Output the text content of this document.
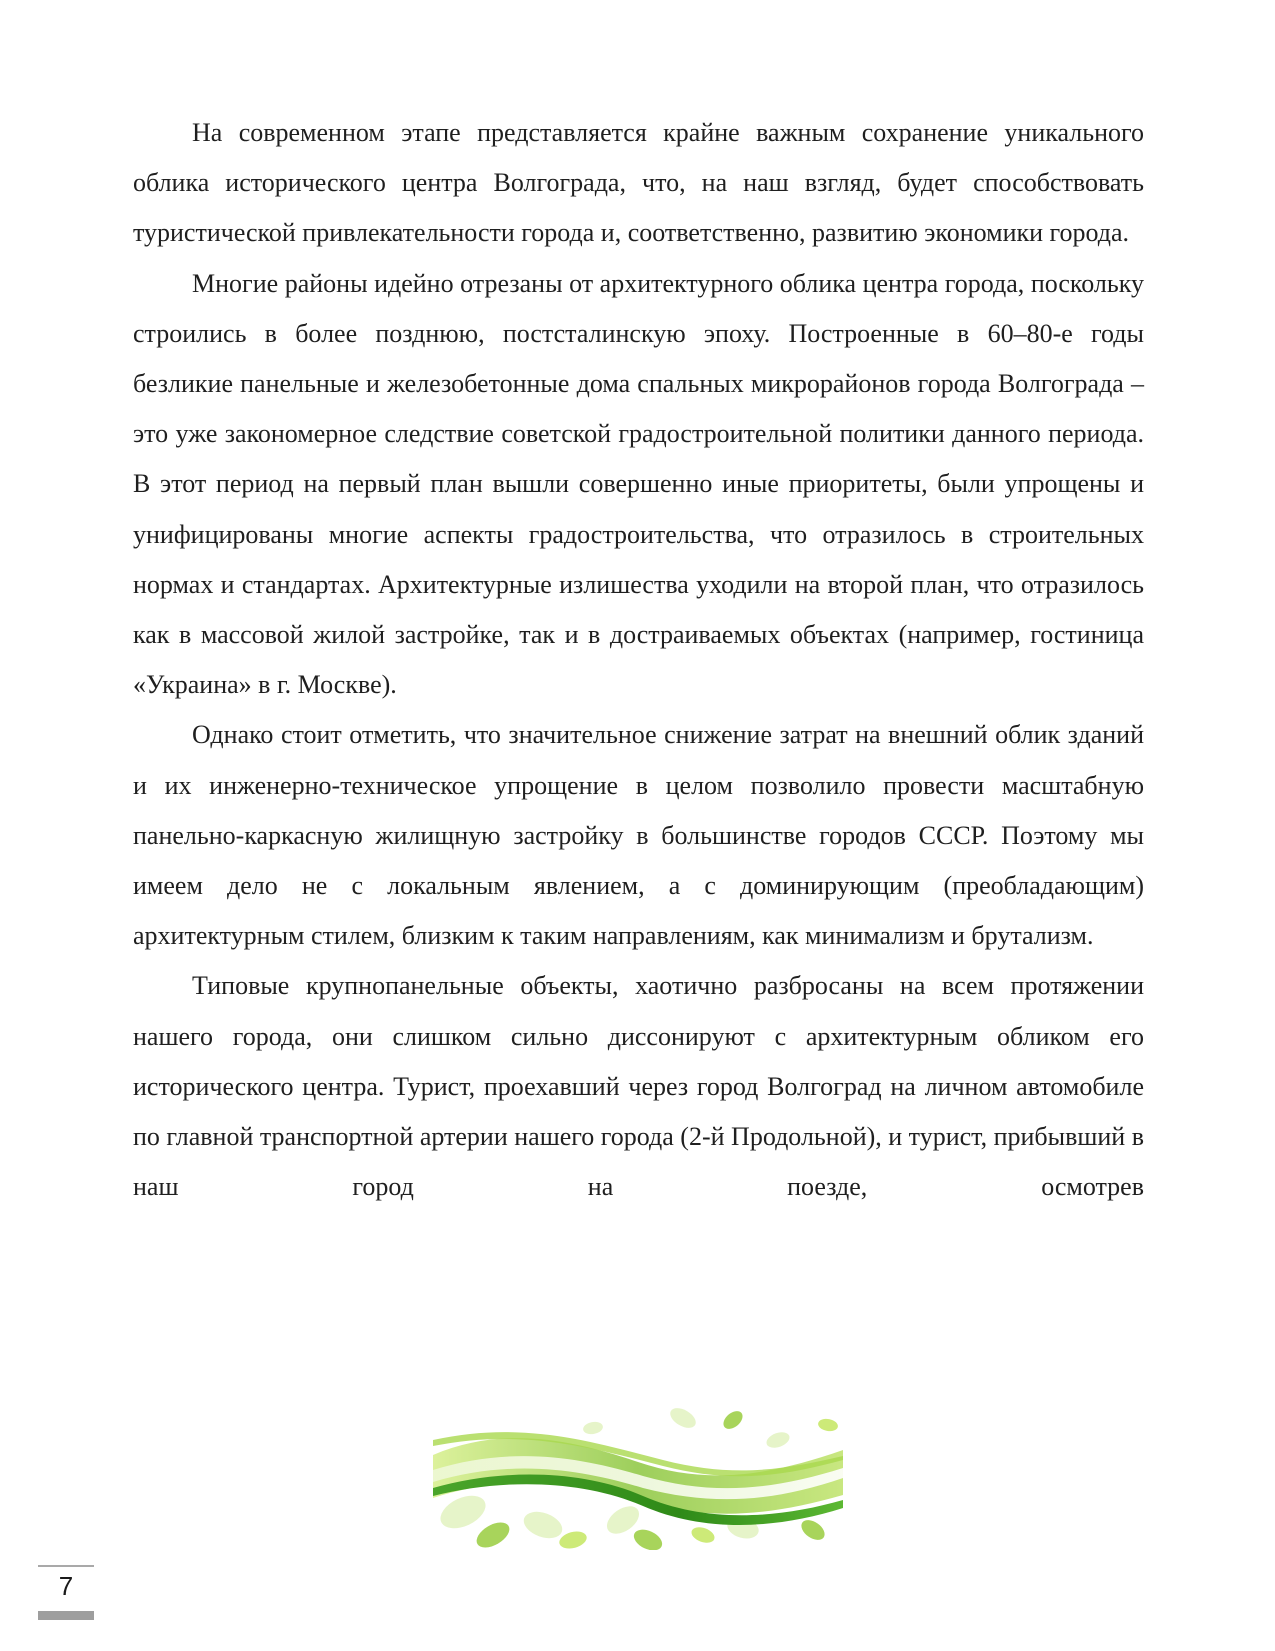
На современном этапе представляется крайне важным сохранение уникального облика исторического центра Волгограда, что, на наш взгляд, будет способствовать туристической привлекательности города и, соответственно, развитию экономики города.

Многие районы идейно отрезаны от архитектурного облика центра города, поскольку строились в более позднюю, постсталинскую эпоху. Построенные в 60–80-е годы безликие панельные и железобетонные дома спальных микрорайонов города Волгограда – это уже закономерное следствие советской градостроительной политики данного периода. В этот период на первый план вышли совершенно иные приоритеты, были упрощены и унифицированы многие аспекты градостроительства, что отразилось в строительных нормах и стандартах. Архитектурные излишества уходили на второй план, что отразилось как в массовой жилой застройке, так и в достраиваемых объектах (например, гостиница «Украина» в г. Москве).

Однако стоит отметить, что значительное снижение затрат на внешний облик зданий и их инженерно-техническое упрощение в целом позволило провести масштабную панельно-каркасную жилищную застройку в большинстве городов СССР. Поэтому мы имеем дело не с локальным явлением, а с доминирующим (преобладающим) архитектурным стилем, близким к таким направлениям, как минимализм и брутализм.

Типовые крупнопанельные объекты, хаотично разбросаны на всем протяжении нашего города, они слишком сильно диссонируют с архитектурным обликом его исторического центра. Турист, проехавший через город Волгоград на личном автомобиле по главной транспортной артерии нашего города (2-й Продольной), и турист, прибывший в наш город на поезде, осмотрев

7
